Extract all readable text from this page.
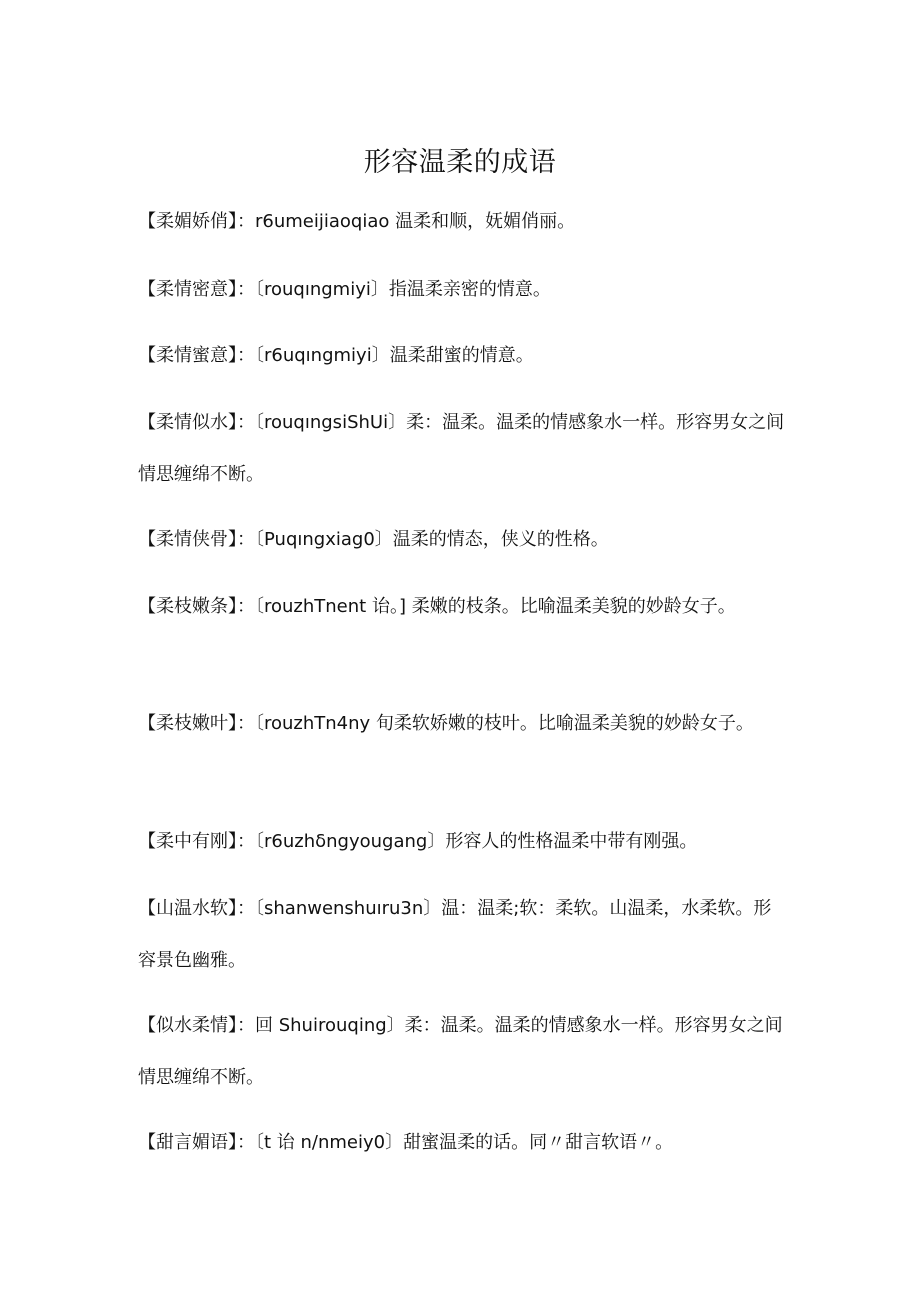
形容温柔的成语
【柔媚娇俏】：r6umeijiaoqiao 温柔和顺，妩媚俏丽。
【柔情密意】：〔rouqıngmiyi〕指温柔亲密的情意。
【柔情蜜意】：〔r6uqıngmiyi〕温柔甜蜜的情意。
【柔情似水】：〔rouqıngsiShUi〕柔：温柔。温柔的情感象水一样。形容男女之间情思缠绵不断。
【柔情侠骨】：〔Puqıngxiag0〕温柔的情态，侠义的性格。
【柔枝嫩条】：〔rouzhTnent 诒。] 柔嫩的枝条。比喻温柔美貌的妙龄女子。
【柔枝嫩叶】：〔rouzhTn4ny 旬柔软娇嫩的枝叶。比喻温柔美貌的妙龄女子。
【柔中有刚】：〔r6uzhδngyougang〕形容人的性格温柔中带有刚强。
【山温水软】：〔shanwenshuıru3n〕温：温柔;软：柔软。山温柔，水柔软。形容景色幽雅。
【似水柔情】：回 Shuirouqing〕柔：温柔。温柔的情感象水一样。形容男女之间情思缠绵不断。
【甜言媚语】：〔t 诒 n/nmeiy0〕甜蜜温柔的话。同〃甜言软语〃。
